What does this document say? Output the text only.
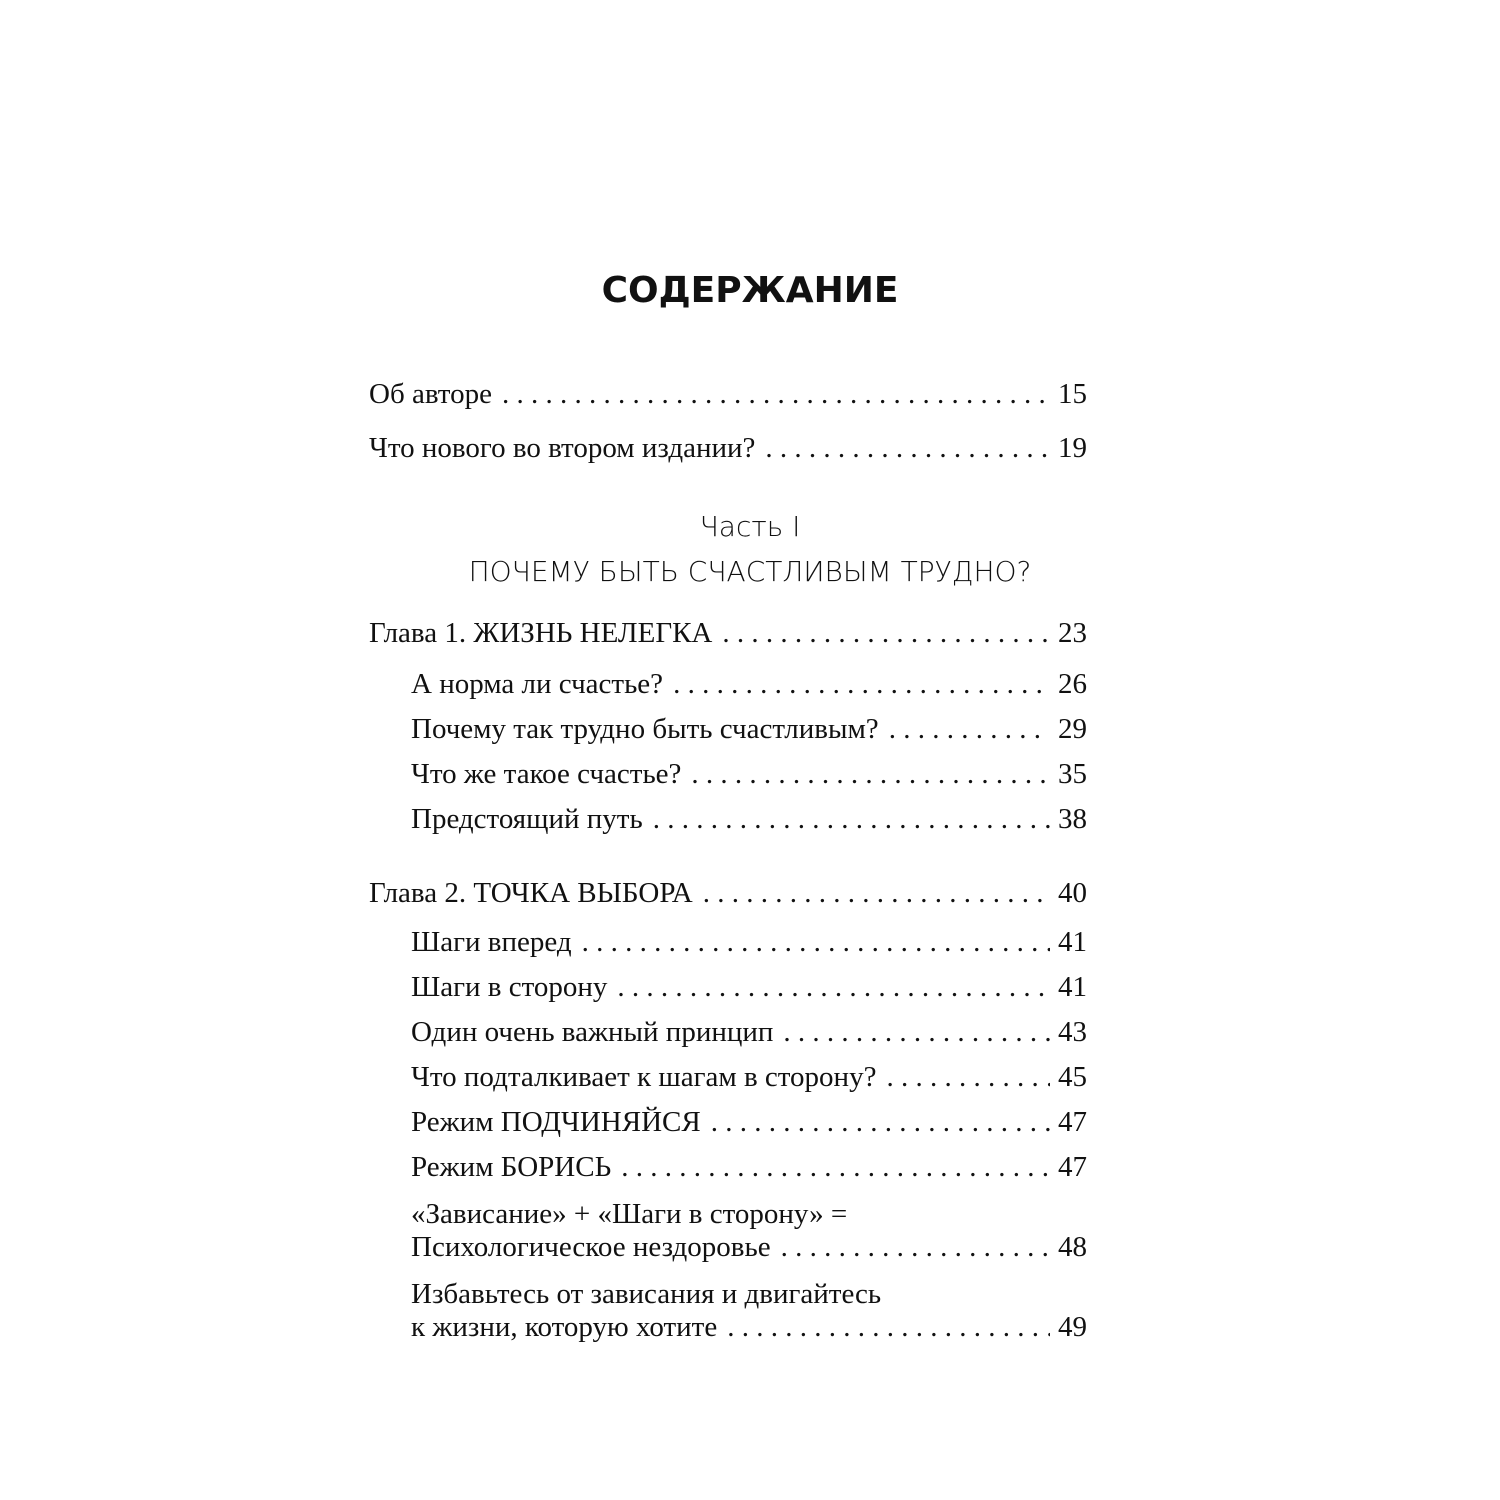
СОДЕРЖАНИЕ
Об авторе . . .	15
Что нового во втором издании? . . .	19
Глава 1. ЖИЗНЬ НЕЛЕГКА . . .	23
А норма ли счастье? . . .	26
Почему так трудно быть счастливым? . . .	29
Что же такое счастье? . . .	35
Предстоящий путь . . .	38
Глава 2. ТОЧКА ВЫБОРА . . .	40
Шаги вперед . . .	41
Шаги в сторону . . .	41
Один очень важный принцип . . .	43
Что подталкивает к шагам в сторону? . . .	45
Режим ПОДЧИНЯЙСЯ . . .	47
Режим БОРИСЬ . . .	47
«Зависание» + «Шаги в сторону» =
Психологическое нездоровье . . .	48
Избавьтесь от зависания и двигайтесь
к жизни, которую хотите . . .	49
Часть I
ПОЧЕМУ БЫТЬ СЧАСТЛИВЫМ ТРУДНО?
